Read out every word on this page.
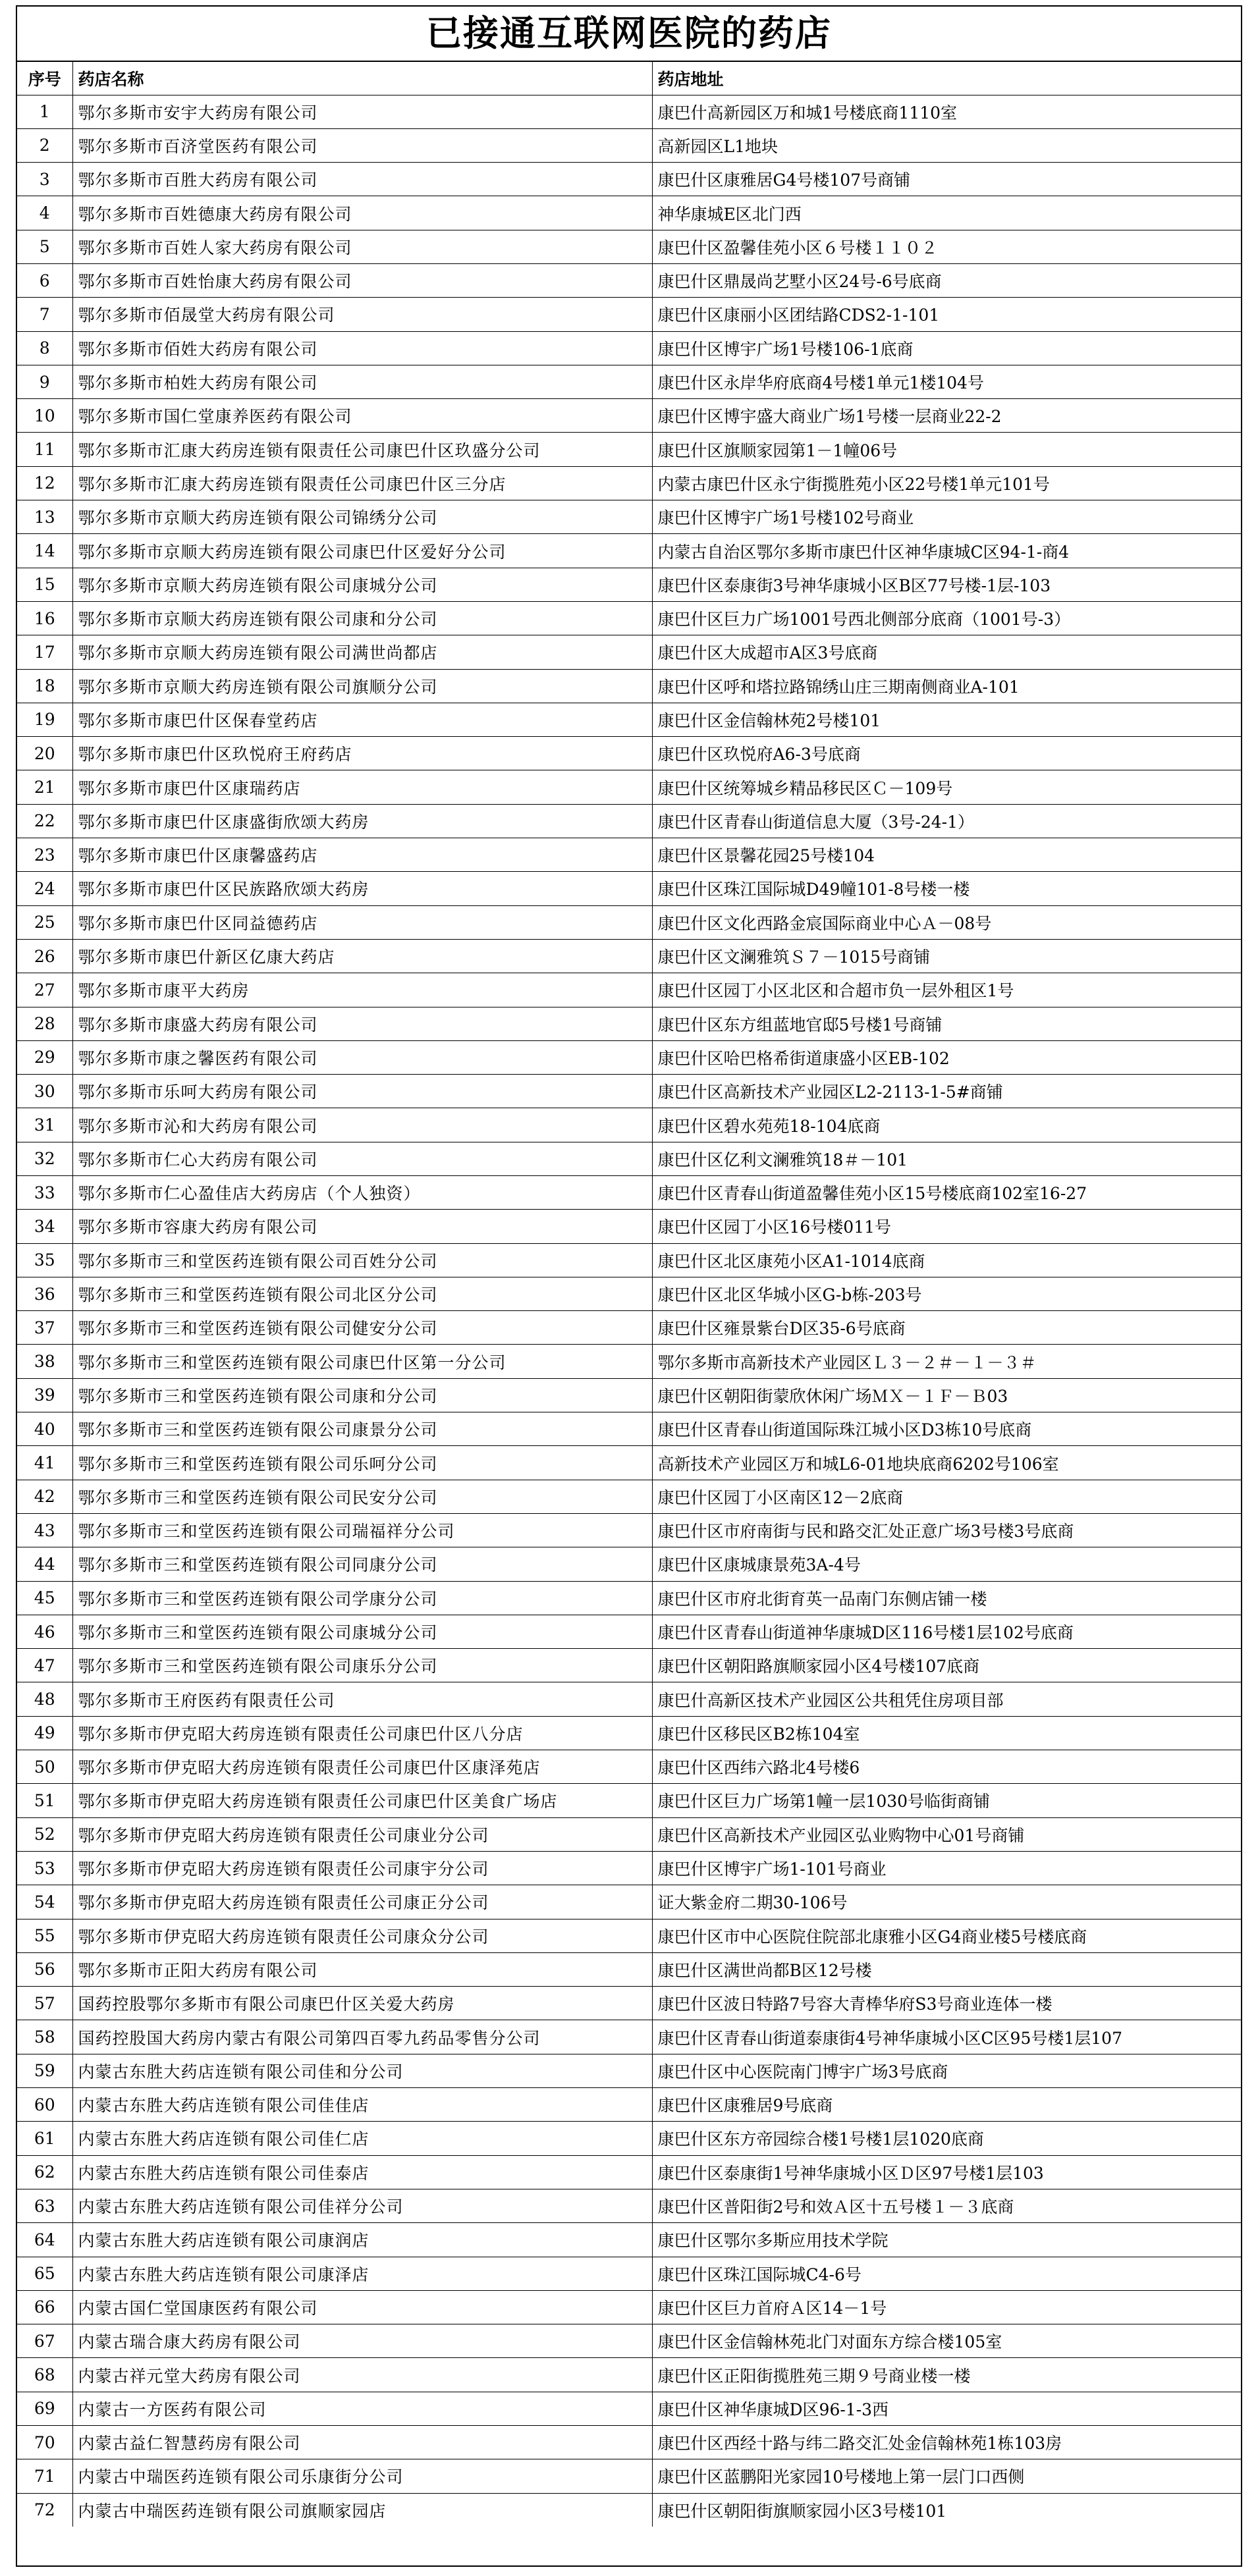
已接通互联网医院的药店
序号	药店名称	药店地址
1	鄂尔多斯市安宇大药房有限公司	康巴什高新园区万和城1号楼底商1110室
2	鄂尔多斯市百济堂医药有限公司	高新园区L1地块
3	鄂尔多斯市百胜大药房有限公司	康巴什区康雅居G4号楼107号商铺
4	鄂尔多斯市百姓德康大药房有限公司	神华康城E区北门西
5	鄂尔多斯市百姓人家大药房有限公司	康巴什区盈馨佳苑小区６号楼１１０２
6	鄂尔多斯市百姓怡康大药房有限公司	康巴什区鼎晟尚艺墅小区24号-6号底商
7	鄂尔多斯市佰晟堂大药房有限公司	康巴什区康丽小区团结路CDS2-1-101
8	鄂尔多斯市佰姓大药房有限公司	康巴什区博宇广场1号楼106-1底商
9	鄂尔多斯市柏姓大药房有限公司	康巴什区永岸华府底商4号楼1单元1楼104号
10	鄂尔多斯市国仁堂康养医药有限公司	康巴什区博宇盛大商业广场1号楼一层商业22-2
11	鄂尔多斯市汇康大药房连锁有限责任公司康巴什区玖盛分公司	康巴什区旗顺家园第1－1幢06号
12	鄂尔多斯市汇康大药房连锁有限责任公司康巴什区三分店	内蒙古康巴什区永宁街揽胜苑小区22号楼1单元101号
13	鄂尔多斯市京顺大药房连锁有限公司锦绣分公司	康巴什区博宇广场1号楼102号商业
14	鄂尔多斯市京顺大药房连锁有限公司康巴什区爱好分公司	内蒙古自治区鄂尔多斯市康巴什区神华康城C区94-1-商4
15	鄂尔多斯市京顺大药房连锁有限公司康城分公司	康巴什区泰康街3号神华康城小区B区77号楼-1层-103
16	鄂尔多斯市京顺大药房连锁有限公司康和分公司	康巴什区巨力广场1001号西北侧部分底商（1001号-3）
17	鄂尔多斯市京顺大药房连锁有限公司满世尚都店	康巴什区大成超市A区3号底商
18	鄂尔多斯市京顺大药房连锁有限公司旗顺分公司	康巴什区呼和塔拉路锦绣山庄三期南侧商业A-101
19	鄂尔多斯市康巴什区保春堂药店	康巴什区金信翰林苑2号楼101
20	鄂尔多斯市康巴什区玖悦府王府药店	康巴什区玖悦府A6-3号底商
21	鄂尔多斯市康巴什区康瑞药店	康巴什区统筹城乡精品移民区Ｃ－109号
22	鄂尔多斯市康巴什区康盛街欣颂大药房	康巴什区青春山街道信息大厦（3号-24-1）
23	鄂尔多斯市康巴什区康馨盛药店	康巴什区景馨花园25号楼104
24	鄂尔多斯市康巴什区民族路欣颂大药房	康巴什区珠江国际城D49幢101-8号楼一楼
25	鄂尔多斯市康巴什区同益德药店	康巴什区文化西路金宸国际商业中心Ａ－08号
26	鄂尔多斯市康巴什新区亿康大药店	康巴什区文澜雅筑Ｓ７－1015号商铺
27	鄂尔多斯市康平大药房	康巴什区园丁小区北区和合超市负一层外租区1号
28	鄂尔多斯市康盛大药房有限公司	康巴什区东方组蓝地官邸5号楼1号商铺
29	鄂尔多斯市康之馨医药有限公司	康巴什区哈巴格希街道康盛小区EB-102
30	鄂尔多斯市乐呵大药房有限公司	康巴什区高新技术产业园区L2-2113-1-5#商铺
31	鄂尔多斯市沁和大药房有限公司	康巴什区碧水苑苑18-104底商
32	鄂尔多斯市仁心大药房有限公司	康巴什区亿利文澜雅筑18＃－101
33	鄂尔多斯市仁心盈佳店大药房店（个人独资）	康巴什区青春山街道盈馨佳苑小区15号楼底商102室16-27
34	鄂尔多斯市容康大药房有限公司	康巴什区园丁小区16号楼011号
35	鄂尔多斯市三和堂医药连锁有限公司百姓分公司	康巴什区北区康苑小区A1-1014底商
36	鄂尔多斯市三和堂医药连锁有限公司北区分公司	康巴什区北区华城小区G-b栋-203号
37	鄂尔多斯市三和堂医药连锁有限公司健安分公司	康巴什区雍景紫台D区35-6号底商
38	鄂尔多斯市三和堂医药连锁有限公司康巴什区第一分公司	鄂尔多斯市高新技术产业园区Ｌ３－２＃－１－３＃
39	鄂尔多斯市三和堂医药连锁有限公司康和分公司	康巴什区朝阳街蒙欣休闲广场ＭＸ－１Ｆ－Ｂ03
40	鄂尔多斯市三和堂医药连锁有限公司康景分公司	康巴什区青春山街道国际珠江城小区D3栋10号底商
41	鄂尔多斯市三和堂医药连锁有限公司乐呵分公司	高新技术产业园区万和城L6-01地块底商6202号106室
42	鄂尔多斯市三和堂医药连锁有限公司民安分公司	康巴什区园丁小区南区12－2底商
43	鄂尔多斯市三和堂医药连锁有限公司瑞福祥分公司	康巴什区市府南街与民和路交汇处正意广场3号楼3号底商
44	鄂尔多斯市三和堂医药连锁有限公司同康分公司	康巴什区康城康景苑3A-4号
45	鄂尔多斯市三和堂医药连锁有限公司学康分公司	康巴什区市府北街育英一品南门东侧店铺一楼
46	鄂尔多斯市三和堂医药连锁有限公司康城分公司	康巴什区青春山街道神华康城D区116号楼1层102号底商
47	鄂尔多斯市三和堂医药连锁有限公司康乐分公司	康巴什区朝阳路旗顺家园小区4号楼107底商
48	鄂尔多斯市王府医药有限责任公司	康巴什高新区技术产业园区公共租凭住房项目部
49	鄂尔多斯市伊克昭大药房连锁有限责任公司康巴什区八分店	康巴什区移民区B2栋104室
50	鄂尔多斯市伊克昭大药房连锁有限责任公司康巴什区康泽苑店	康巴什区西纬六路北4号楼6
51	鄂尔多斯市伊克昭大药房连锁有限责任公司康巴什区美食广场店	康巴什区巨力广场第1幢一层1030号临街商铺
52	鄂尔多斯市伊克昭大药房连锁有限责任公司康业分公司	康巴什区高新技术产业园区弘业购物中心01号商铺
53	鄂尔多斯市伊克昭大药房连锁有限责任公司康宇分公司	康巴什区博宇广场1-101号商业
54	鄂尔多斯市伊克昭大药房连锁有限责任公司康正分公司	证大紫金府二期30-106号
55	鄂尔多斯市伊克昭大药房连锁有限责任公司康众分公司	康巴什区市中心医院住院部北康雅小区G4商业楼5号楼底商
56	鄂尔多斯市正阳大药房有限公司	康巴什区满世尚都B区12号楼
57	国药控股鄂尔多斯市有限公司康巴什区关爱大药房	康巴什区波日特路7号容大青棒华府S3号商业连体一楼
58	国药控股国大药房内蒙古有限公司第四百零九药品零售分公司	康巴什区青春山街道泰康街4号神华康城小区C区95号楼1层107
59	内蒙古东胜大药店连锁有限公司佳和分公司	康巴什区中心医院南门博宇广场3号底商
60	内蒙古东胜大药店连锁有限公司佳佳店	康巴什区康雅居9号底商
61	内蒙古东胜大药店连锁有限公司佳仁店	康巴什区东方帝园综合楼1号楼1层1020底商
62	内蒙古东胜大药店连锁有限公司佳泰店	康巴什区泰康街1号神华康城小区Ｄ区97号楼1层103
63	内蒙古东胜大药店连锁有限公司佳祥分公司	康巴什区普阳街2号和效Ａ区十五号楼１－３底商
64	内蒙古东胜大药店连锁有限公司康润店	康巴什区鄂尔多斯应用技术学院
65	内蒙古东胜大药店连锁有限公司康泽店	康巴什区珠江国际城C4-6号
66	内蒙古国仁堂国康医药有限公司	康巴什区巨力首府Ａ区14－1号
67	内蒙古瑞合康大药房有限公司	康巴什区金信翰林苑北门对面东方综合楼105室
68	内蒙古祥元堂大药房有限公司	康巴什区正阳街揽胜苑三期９号商业楼一楼
69	内蒙古一方医药有限公司	康巴什区神华康城D区96-1-3西
70	内蒙古益仁智慧药房有限公司	康巴什区西经十路与纬二路交汇处金信翰林苑1栋103房
71	内蒙古中瑞医药连锁有限公司乐康街分公司	康巴什区蓝鹏阳光家园10号楼地上第一层门口西侧
72	内蒙古中瑞医药连锁有限公司旗顺家园店	康巴什区朝阳街旗顺家园小区3号楼101
